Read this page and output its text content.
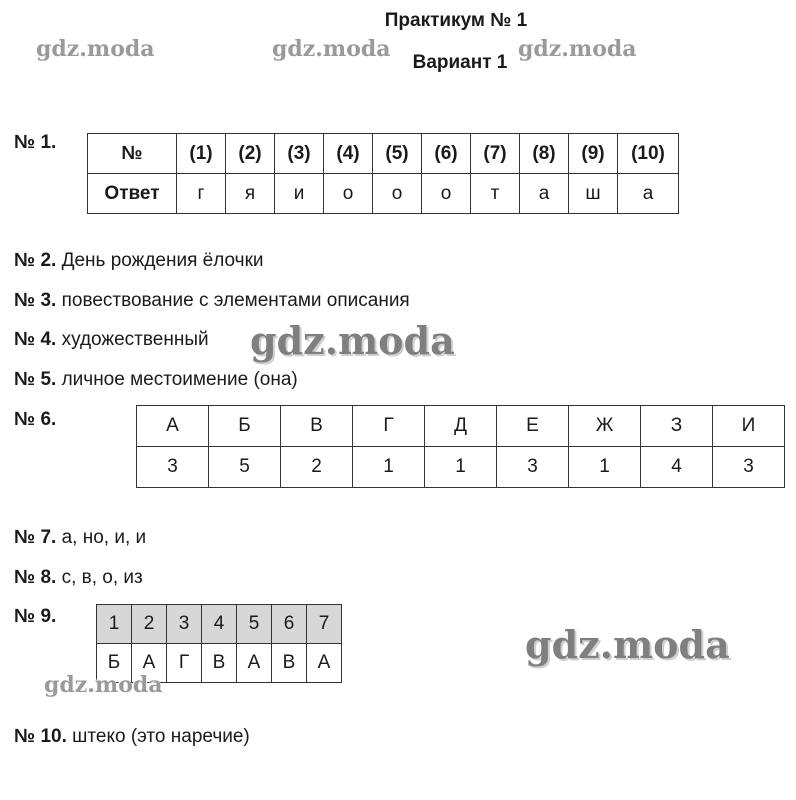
Практикум № 1
Вариант 1
№ 1.	№	(1)	(2)	(3)	(4)	(5)	(6)	(7)	(8)	(9)	(10)
Ответ	г	я	и	о	о	о	т	а	ш	а
№ 2. День рождения ёлочки
№ 3. повествование с элементами описания
№ 4. художественный
№ 5. личное местоимение (она)
№ 6.	А	Б	В	Г	Д	Е	Ж	З	И
3	5	2	1	1	3	1	4	3
№ 7. а, но, и, и
№ 8. с, в, о, из
№ 9.	1	2	3	4	5	6	7
Б	А	Г	В	А	В	А
№ 10. штеко (это наречие)
gdz.moda	gdz.moda	gdz.moda
gdz.moda
gdz.moda
gdz.moda
